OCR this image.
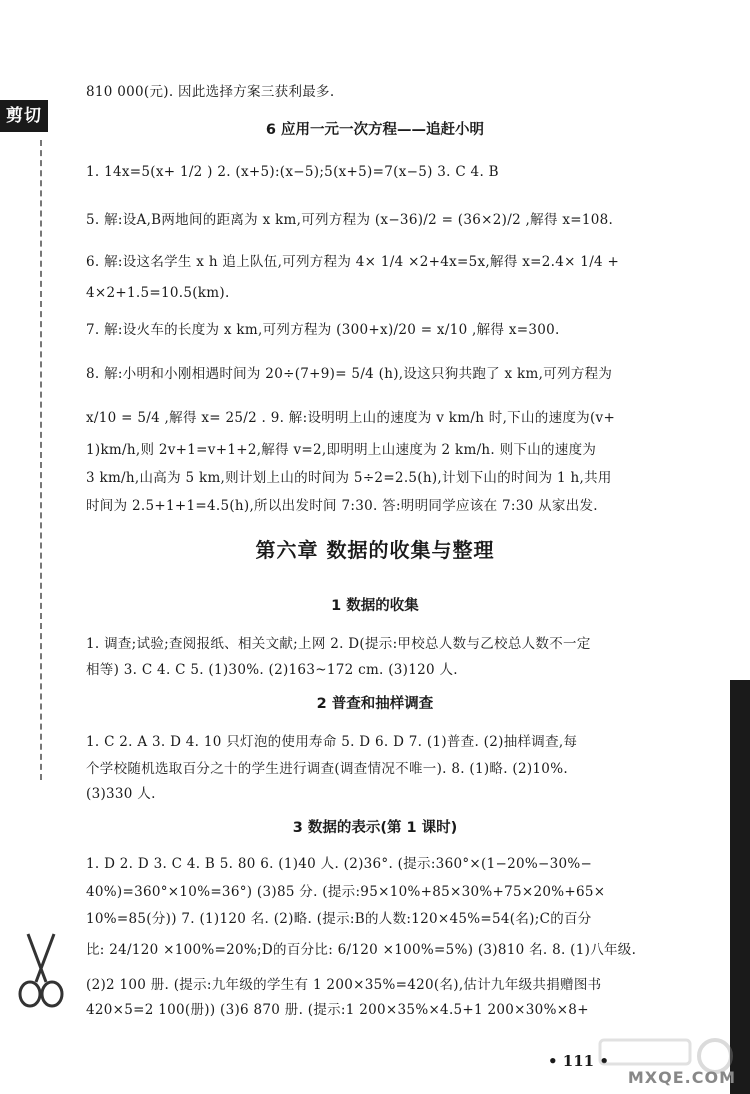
剪切线
810 000(元). 因此选择方案三获利最多.
6 应用一元一次方程——追赶小明
1. 14x=5(x+ 1/2 ) 2. (x+5):(x−5);5(x+5)=7(x−5) 3. C 4. B
5. 解:设A,B两地间的距离为 x km,可列方程为 (x−36)/2 = (36×2)/2 ,解得 x=108.
6. 解:设这名学生 x h 追上队伍,可列方程为 4× 1/4 ×2+4x=5x,解得 x=2.4× 1/4 +
4×2+1.5=10.5(km).
7. 解:设火车的长度为 x km,可列方程为 (300+x)/20 = x/10 ,解得 x=300.
8. 解:小明和小刚相遇时间为 20÷(7+9)= 5/4 (h),设这只狗共跑了 x km,可列方程为
x/10 = 5/4 ,解得 x= 25/2 . 9. 解:设明明上山的速度为 v km/h 时,下山的速度为(v+
1)km/h,则 2v+1=v+1+2,解得 v=2,即明明上山速度为 2 km/h. 则下山的速度为
3 km/h,山高为 5 km,则计划上山的时间为 5÷2=2.5(h),计划下山的时间为 1 h,共用
时间为 2.5+1+1=4.5(h),所以出发时间 7:30. 答:明明同学应该在 7:30 从家出发.
第六章 数据的收集与整理
1 数据的收集
1. 调查;试验;查阅报纸、相关文献;上网 2. D(提示:甲校总人数与乙校总人数不一定
相等) 3. C 4. C 5. (1)30%. (2)163~172 cm. (3)120 人.
2 普查和抽样调查
1. C 2. A 3. D 4. 10 只灯泡的使用寿命 5. D 6. D 7. (1)普查. (2)抽样调查,每
个学校随机选取百分之十的学生进行调查(调查情况不唯一). 8. (1)略. (2)10%.
(3)330 人.
3 数据的表示(第 1 课时)
1. D 2. D 3. C 4. B 5. 80 6. (1)40 人. (2)36°. (提示:360°×(1−20%−30%−
40%)=360°×10%=36°) (3)85 分. (提示:95×10%+85×30%+75×20%+65×
10%=85(分)) 7. (1)120 名. (2)略. (提示:B的人数:120×45%=54(名);C的百分
比: 24/120 ×100%=20%;D的百分比: 6/120 ×100%=5%) (3)810 名. 8. (1)八年级.
(2)2 100 册. (提示:九年级的学生有 1 200×35%=420(名),估计九年级共捐赠图书
420×5=2 100(册)) (3)6 870 册. (提示:1 200×35%×4.5+1 200×30%×8+
• 111 •
MXQE.COM
